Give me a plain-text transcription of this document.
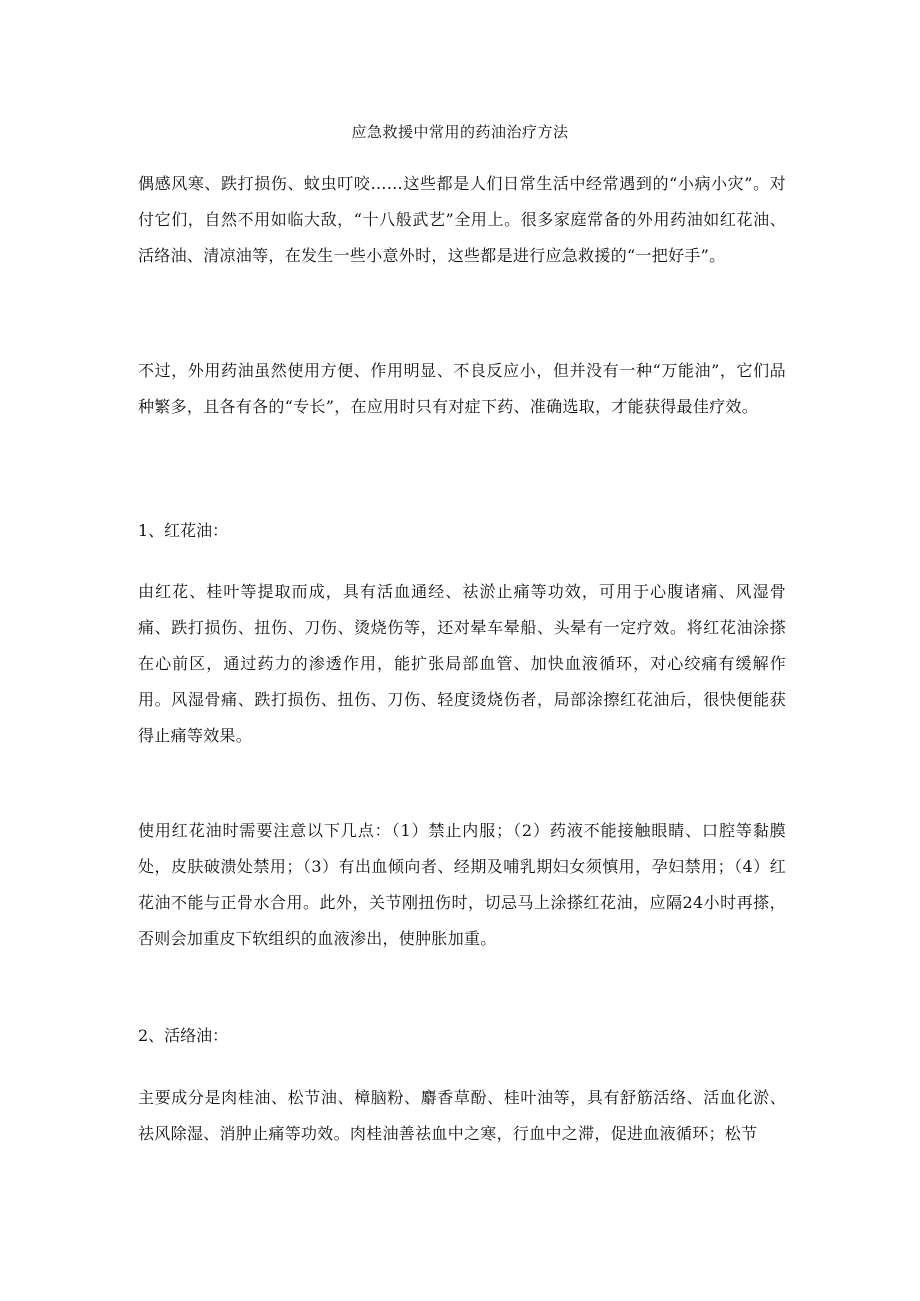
应急救援中常用的药油治疗方法

偶感风寒、跌打损伤、蚊虫叮咬……这些都是人们日常生活中经常遇到的“小病小灾”。对付它们，自然不用如临大敌，“十八般武艺”全用上。很多家庭常备的外用药油如红花油、活络油、清凉油等，在发生一些小意外时，这些都是进行应急救援的“一把好手”。

不过，外用药油虽然使用方便、作用明显、不良反应小，但并没有一种“万能油”，它们品种繁多，且各有各的“专长”，在应用时只有对症下药、准确选取，才能获得最佳疗效。

1、红花油：

由红花、桂叶等提取而成，具有活血通经、祛淤止痛等功效，可用于心腹诸痛、风湿骨痛、跌打损伤、扭伤、刀伤、烫烧伤等，还对晕车晕船、头晕有一定疗效。将红花油涂搽在心前区，通过药力的渗透作用，能扩张局部血管、加快血液循环，对心绞痛有缓解作用。风湿骨痛、跌打损伤、扭伤、刀伤、轻度烫烧伤者，局部涂擦红花油后，很快便能获得止痛等效果。

使用红花油时需要注意以下几点：（1）禁止内服；（2）药液不能接触眼睛、口腔等黏膜处，皮肤破溃处禁用；（3）有出血倾向者、经期及哺乳期妇女须慎用，孕妇禁用；（4）红花油不能与正骨水合用。此外，关节刚扭伤时，切忌马上涂搽红花油，应隔24小时再搽，否则会加重皮下软组织的血液渗出，使肿胀加重。

2、活络油：

主要成分是肉桂油、松节油、樟脑粉、麝香草酚、桂叶油等，具有舒筋活络、活血化淤、祛风除湿、消肿止痛等功效。肉桂油善祛血中之寒，行血中之滞，促进血液循环；松节
